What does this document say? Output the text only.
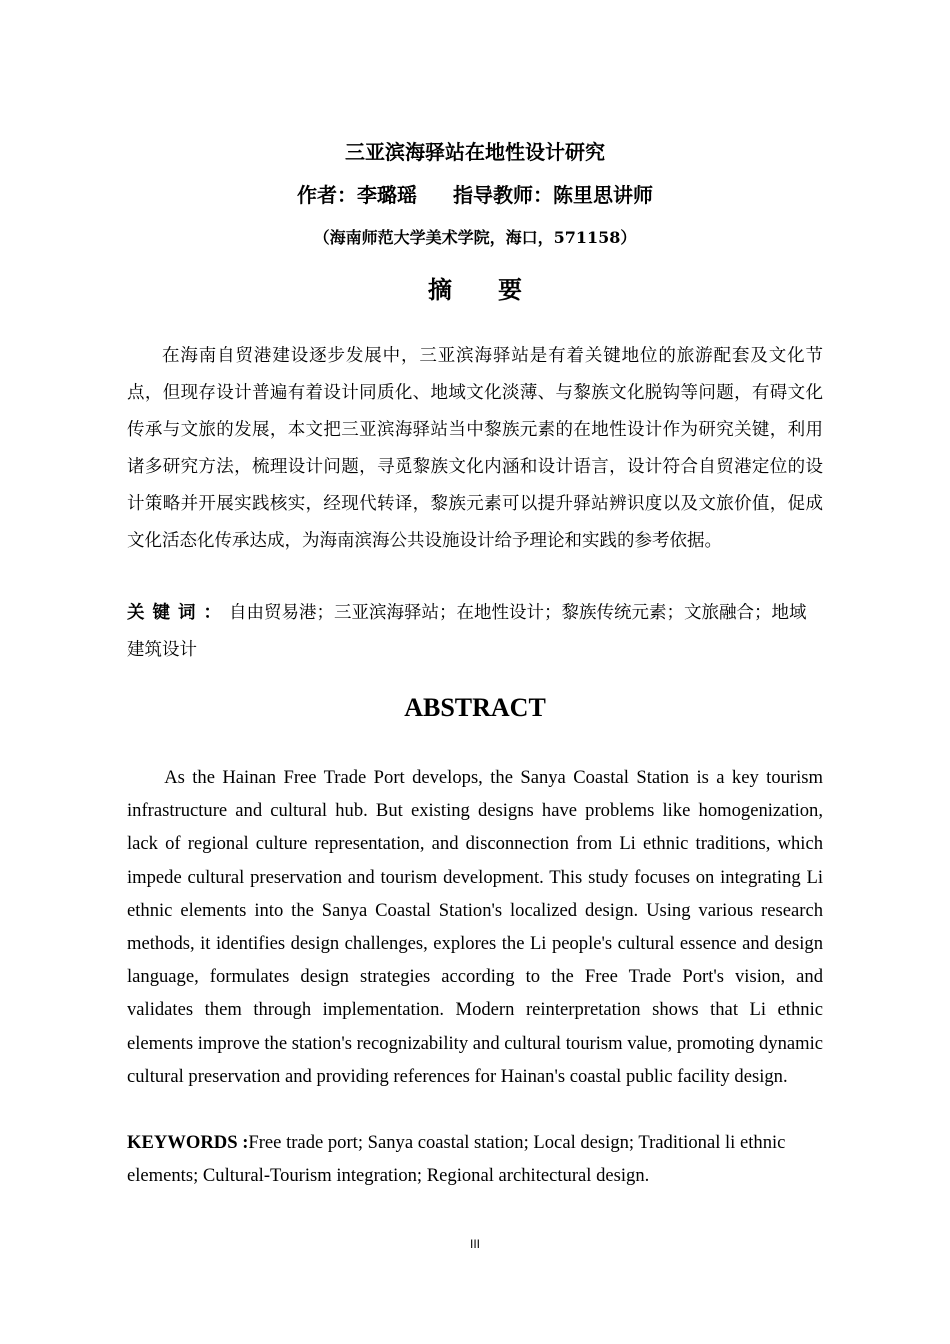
三亚滨海驿站在地性设计研究
作者：李璐瑶 指导教师：陈里思讲师
（海南师范大学美术学院，海口，571158）
摘要

在海南自贸港建设逐步发展中，三亚滨海驿站是有着关键地位的旅游配套及文化节点，但现存设计普遍有着设计同质化、地域文化淡薄、与黎族文化脱钩等问题，有碍文化传承与文旅的发展，本文把三亚滨海驿站当中黎族元素的在地性设计作为研究关键，利用诸多研究方法，梳理设计问题，寻觅黎族文化内涵和设计语言，设计符合自贸港定位的设计策略并开展实践核实，经现代转译，黎族元素可以提升驿站辨识度以及文旅价值，促成文化活态化传承达成，为海南滨海公共设施设计给予理论和实践的参考依据。

关键词：自由贸易港；三亚滨海驿站；在地性设计；黎族传统元素；文旅融合；地域建筑设计

ABSTRACT

As the Hainan Free Trade Port develops, the Sanya Coastal Station is a key tourism infrastructure and cultural hub. But existing designs have problems like homogenization, lack of regional culture representation, and disconnection from Li ethnic traditions, which impede cultural preservation and tourism development. This study focuses on integrating Li ethnic elements into the Sanya Coastal Station's localized design. Using various research methods, it identifies design challenges, explores the Li people's cultural essence and design language, formulates design strategies according to the Free Trade Port's vision, and validates them through implementation. Modern reinterpretation shows that Li ethnic elements improve the station's recognizability and cultural tourism value, promoting dynamic cultural preservation and providing references for Hainan's coastal public facility design.

KEYWORDS :Free trade port; Sanya coastal station; Local design; Traditional li ethnic elements; Cultural-Tourism integration; Regional architectural design.

III
